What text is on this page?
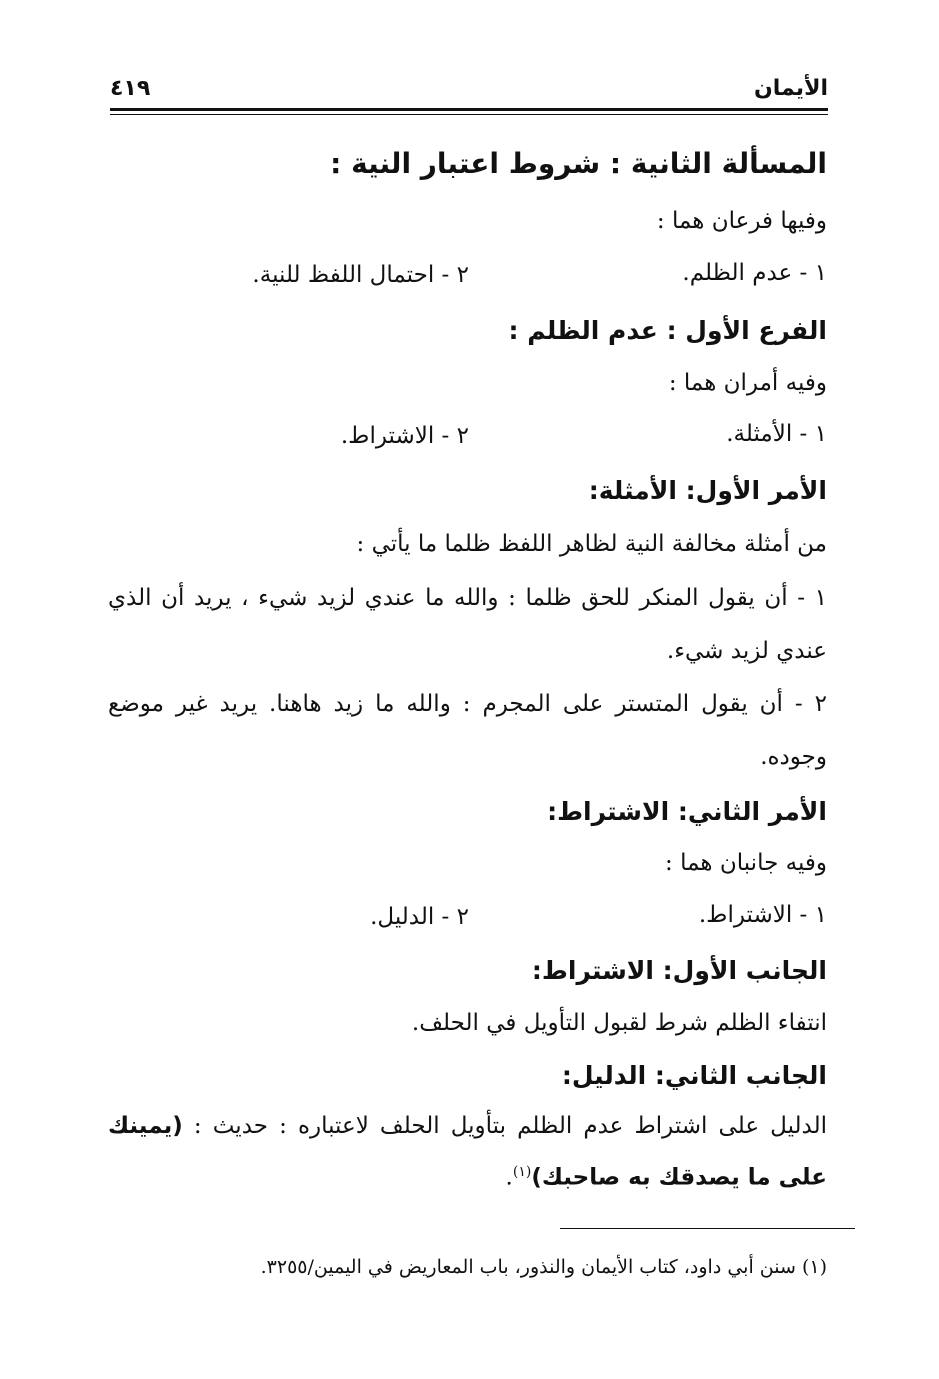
الأيمان
٤١٩
المسألة الثانية : شروط اعتبار النية :
وفيها فرعان هما :
١ - عدم الظلم.
٢ - احتمال اللفظ للنية.
الفرع الأول : عدم الظلم :
وفيه أمران هما :
١ - الأمثلة.
٢ - الاشتراط.
الأمر الأول: الأمثلة:
من أمثلة مخالفة النية لظاهر اللفظ ظلما ما يأتي :
١ - أن يقول المنكر للحق ظلما : والله ما عندي لزيد شيء ، يريد أن الذي
عندي لزيد شيء.
٢ - أن يقول المتستر على المجرم : والله ما زيد هاهنا. يريد غير موضع
وجوده.
الأمر الثاني: الاشتراط:
وفيه جانبان هما :
١ - الاشتراط.
٢ - الدليل.
الجانب الأول: الاشتراط:
انتفاء الظلم شرط لقبول التأويل في الحلف.
الجانب الثاني: الدليل:
الدليل على اشتراط عدم الظلم بتأويل الحلف لاعتباره : حديث : (يمينك
على ما يصدقك به صاحبك)$^{(١)}$.
(١) سنن أبي داود، كتاب الأيمان والنذور، باب المعاريض في اليمين/٣٢٥٥.
